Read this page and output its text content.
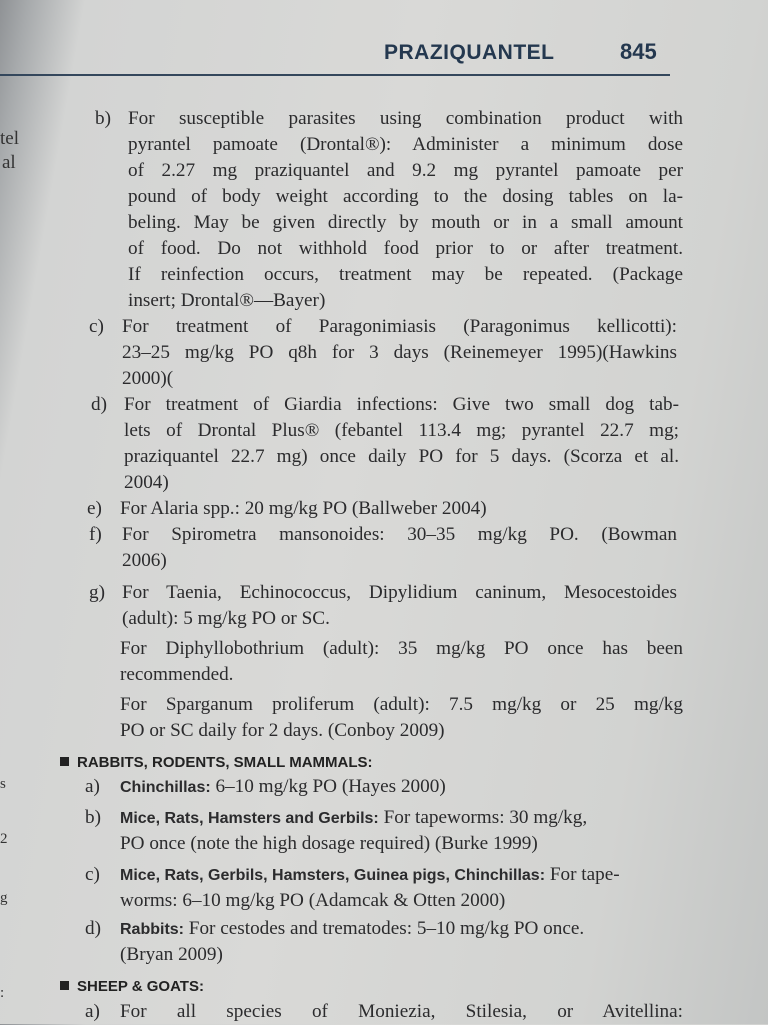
PRAZIQUANTEL	845
tel
al
s
2
g
:
b) For susceptible parasites using combination product with
pyrantel pamoate (Drontal®): Administer a minimum dose
of 2.27 mg praziquantel and 9.2 mg pyrantel pamoate per
pound of body weight according to the dosing tables on la-
beling. May be given directly by mouth or in a small amount
of food. Do not withhold food prior to or after treatment.
If reinfection occurs, treatment may be repeated. (Package
insert; Drontal®—Bayer)
c) For treatment of Paragonimiasis (Paragonimus kellicotti):
23–25 mg/kg PO q8h for 3 days (Reinemeyer 1995)(Hawkins
2000)(
d) For treatment of Giardia infections: Give two small dog tab-
lets of Drontal Plus® (febantel 113.4 mg; pyrantel 22.7 mg;
praziquantel 22.7 mg) once daily PO for 5 days. (Scorza et al.
2004)
e) For Alaria spp.: 20 mg/kg PO (Ballweber 2004)
f) For Spirometra mansonoides: 30–35 mg/kg PO. (Bowman
2006)
g) For Taenia, Echinococcus, Dipylidium caninum, Mesocestoides
(adult): 5 mg/kg PO or SC.
For Diphyllobothrium (adult): 35 mg/kg PO once has been
recommended.
For Sparganum proliferum (adult): 7.5 mg/kg or 25 mg/kg
PO or SC daily for 2 days. (Conboy 2009)
RABBITS, RODENTS, SMALL MAMMALS:
a) Chinchillas: 6–10 mg/kg PO (Hayes 2000)
b) Mice, Rats, Hamsters and Gerbils: For tapeworms: 30 mg/kg,
PO once (note the high dosage required) (Burke 1999)
c) Mice, Rats, Gerbils, Hamsters, Guinea pigs, Chinchillas: For tape-
worms: 6–10 mg/kg PO (Adamcak & Otten 2000)
d) Rabbits: For cestodes and trematodes: 5–10 mg/kg PO once.
(Bryan 2009)
SHEEP & GOATS:
a) For all species of Moniezia, Stilesia, or Avitellina:
